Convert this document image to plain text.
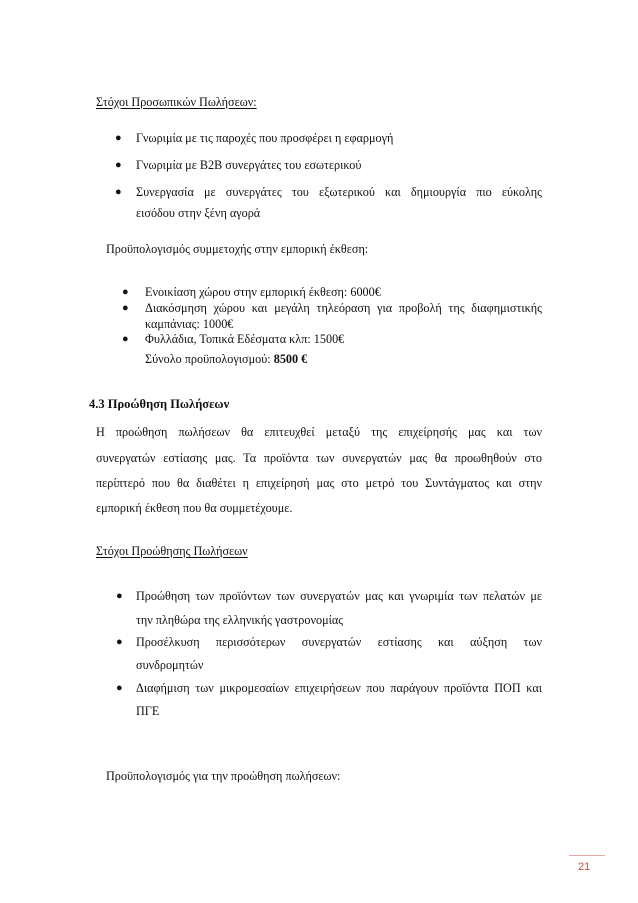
Στόχοι Προσωπικών Πωλήσεων:
● Γνωριμία με τις παροχές που προσφέρει η εφαρμογή
● Γνωριμία με B2B συνεργάτες του εσωτερικού
● Συνεργασία με συνεργάτες του εξωτερικού και δημιουργία πιο εύκολης
εισόδου στην ξένη αγορά
Προϋπολογισμός συμμετοχής στην εμπορική έκθεση:
● Ενοικίαση χώρου στην εμπορική έκθεση: 6000€
● Διακόσμηση χώρου και μεγάλη τηλεόραση για προβολή της διαφημιστικής
καμπάνιας: 1000€
● Φυλλάδια, Τοπικά Εδέσματα κλπ: 1500€
Σύνολο προϋπολογισμού: 8500 €
4.3 Προώθηση Πωλήσεων
Η προώθηση πωλήσεων θα επιτευχθεί μεταξύ της επιχείρησής μας και των
συνεργατών εστίασης μας. Τα προϊόντα των συνεργατών μας θα προωθηθούν στο
περίπτερό που θα διαθέτει η επιχείρησή μας στο μετρό του Συντάγματος και στην
εμπορική έκθεση που θα συμμετέχουμε.
Στόχοι Προώθησης Πωλήσεων
● Προώθηση των προϊόντων των συνεργατών μας και γνωριμία των πελατών με
την πληθώρα της ελληνικής γαστρονομίας
● Προσέλκυση περισσότερων συνεργατών εστίασης και αύξηση των
συνδρομητών
● Διαφήμιση των μικρομεσαίων επιχειρήσεων που παράγουν προϊόντα ΠΟΠ και
ΠΓΕ
Προϋπολογισμός για την προώθηση πωλήσεων:
21
